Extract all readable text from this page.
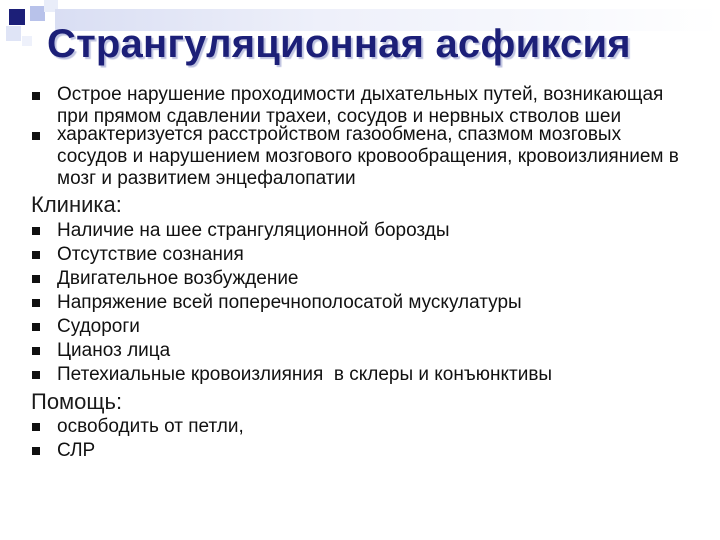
Странгуляционная асфиксия
Острое нарушение проходимости дыхательных путей, возникающая
при прямом сдавлении трахеи, сосудов и нервных стволов шеи
характеризуется расстройством газообмена, спазмом мозговых
сосудов и нарушением мозгового кровообращения, кровоизлиянием в
мозг и развитием энцефалопатии
Клиника:
Наличие на шее странгуляционной борозды
Отсутствие сознания
Двигательное возбуждение
Напряжение всей поперечнополосатой мускулатуры
Судороги
Цианоз лица
Петехиальные кровоизлияния  в склеры и конъюнктивы
Помощь:
освободить от петли,
СЛР
